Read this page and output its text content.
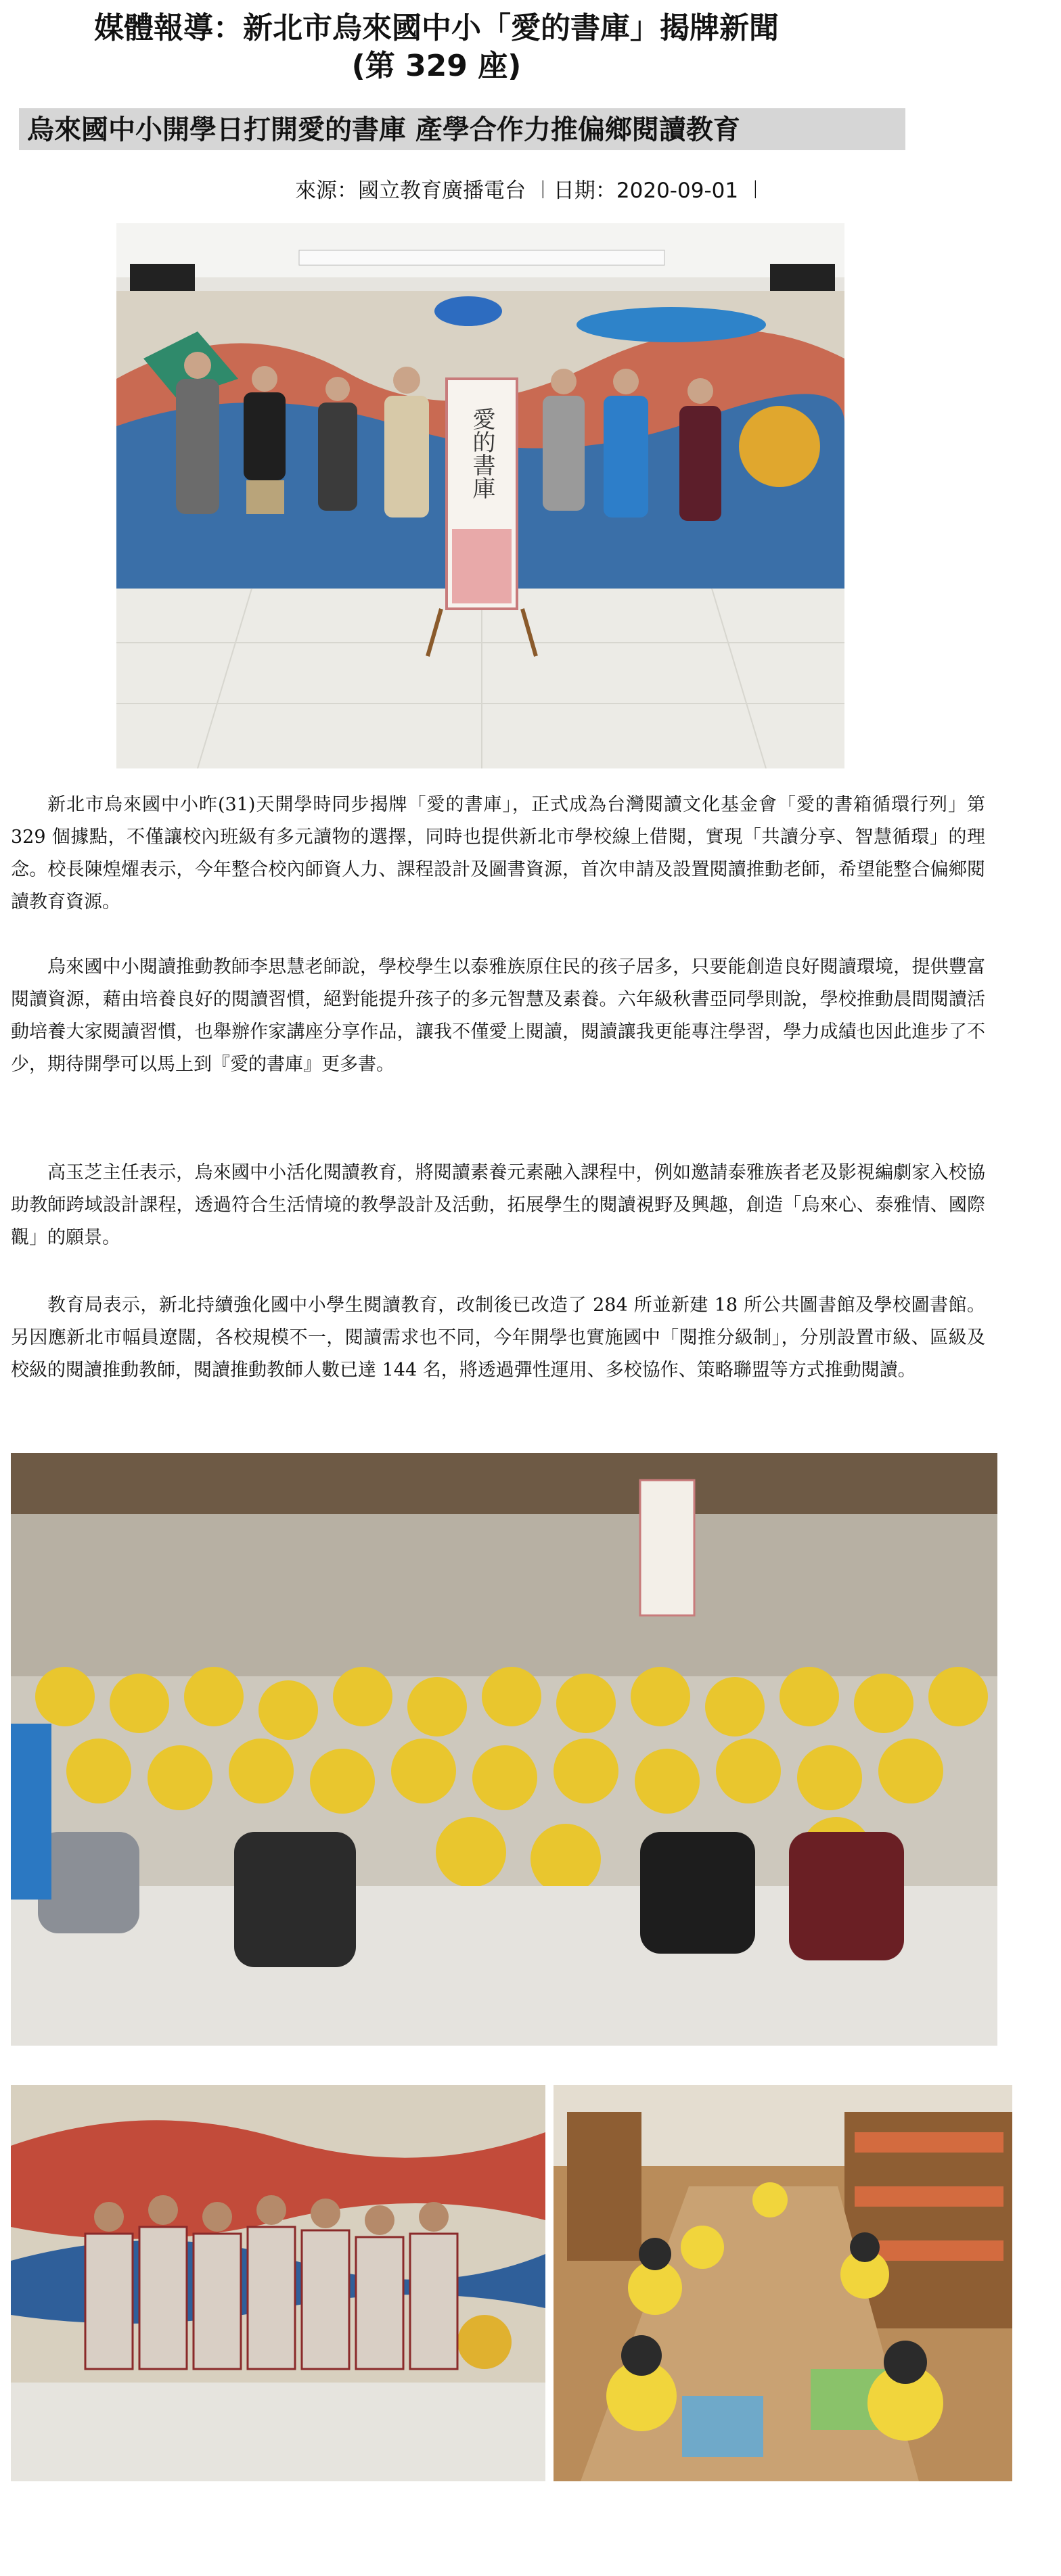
媒體報導：新北市烏來國中小「愛的書庫」揭牌新聞
(第 329 座)
烏來國中小開學日打開愛的書庫 產學合作力推偏鄉閱讀教育
來源：國立教育廣播電台 ︱日期：2020-09-01 ︱
愛的書庫

新北市烏來國中小昨(31)天開學時同步揭牌「愛的書庫」，正式成為台灣閱讀文化基金會「愛的書箱循環行列」第 329 個據點，不僅讓校內班級有多元讀物的選擇，同時也提供新北市學校線上借閱，實現「共讀分享、智慧循環」的理念。校長陳煌燿表示，今年整合校內師資人力、課程設計及圖書資源，首次申請及設置閱讀推動老師，希望能整合偏鄉閱讀教育資源。

烏來國中小閱讀推動教師李思慧老師說，學校學生以泰雅族原住民的孩子居多，只要能創造良好閱讀環境，提供豐富閱讀資源，藉由培養良好的閱讀習慣，絕對能提升孩子的多元智慧及素養。六年級秋書亞同學則說，學校推動晨間閱讀活動培養大家閱讀習慣，也舉辦作家講座分享作品，讓我不僅愛上閱讀，閱讀讓我更能專注學習，學力成績也因此進步了不少，期待開學可以馬上到『愛的書庫』更多書。

高玉芝主任表示，烏來國中小活化閱讀教育，將閱讀素養元素融入課程中，例如邀請泰雅族者老及影視編劇家入校協助教師跨域設計課程，透過符合生活情境的教學設計及活動，拓展學生的閱讀視野及興趣，創造「烏來心、泰雅情、國際觀」的願景。

教育局表示，新北持續強化國中小學生閱讀教育，改制後已改造了 284 所並新建 18 所公共圖書館及學校圖書館。另因應新北市幅員遼闊，各校規模不一，閱讀需求也不同，今年開學也實施國中「閱推分級制」，分別設置市級、區級及校級的閱讀推動教師，閱讀推動教師人數已達 144 名，將透過彈性運用、多校協作、策略聯盟等方式推動閱讀。
